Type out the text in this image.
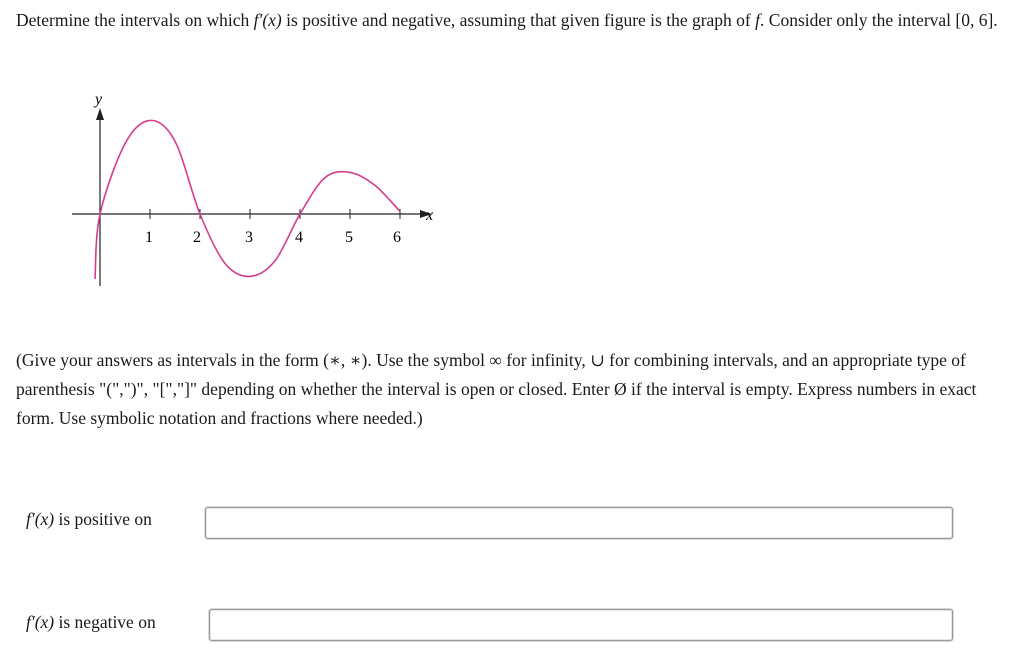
Determine the intervals on which f′(x) is positive and negative, assuming that given figure is the graph of f. Consider only the interval [0, 6].
y
x
1	2	3	4	5	6
(Give your answers as intervals in the form (∗, ∗). Use the symbol ∞ for infinity, ∪ for combining intervals, and an appropriate type of parenthesis "(",")", "[","]" depending on whether the interval is open or closed. Enter Ø if the interval is empty. Express numbers in exact form. Use symbolic notation and fractions where needed.)
f′(x) is positive on
f′(x) is negative on
